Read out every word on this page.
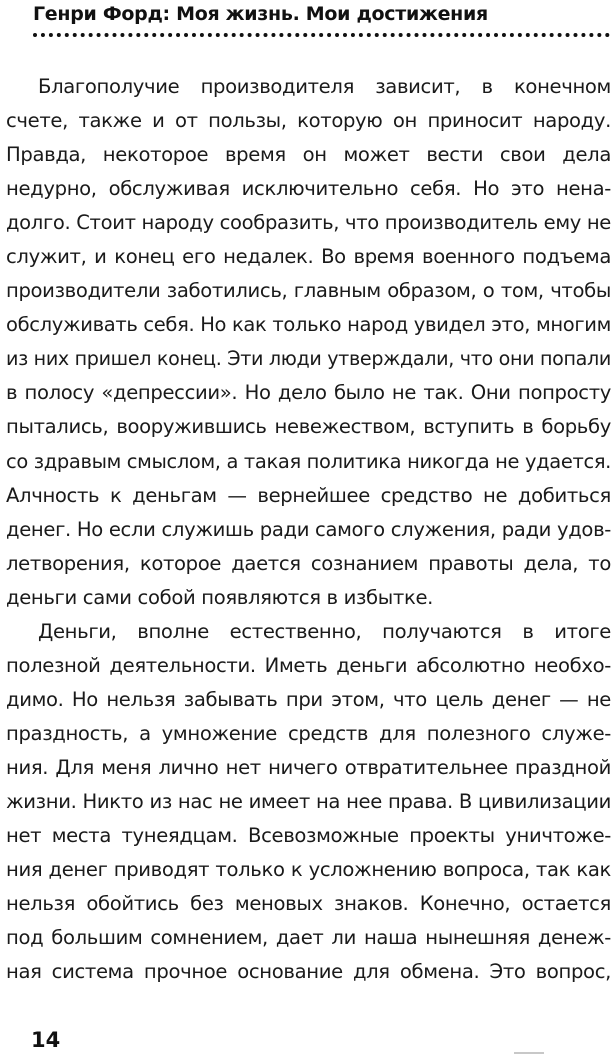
Генри Форд: Моя жизнь. Мои достижения
Благополучие производителя зависит, в конечном
счете, также и от пользы, которую он приносит народу.
Правда, некоторое время он может вести свои дела
недурно, обслуживая исключительно себя. Но это нена-
долго. Стоит народу сообразить, что производитель ему не
служит, и конец его недалек. Во время военного подъема
производители заботились, главным образом, о том, чтобы
обслуживать себя. Но как только народ увидел это, многим
из них пришел конец. Эти люди утверждали, что они попали
в полосу «депрессии». Но дело было не так. Они попросту
пытались, вооружившись невежеством, вступить в борьбу
со здравым смыслом, а такая политика никогда не удается.
Алчность к деньгам — вернейшее средство не добиться
денег. Но если служишь ради самого служения, ради удов-
летворения, которое дается сознанием правоты дела, то
деньги сами собой появляются в избытке.
Деньги, вполне естественно, получаются в итоге
полезной деятельности. Иметь деньги абсолютно необхо-
димо. Но нельзя забывать при этом, что цель денег — не
праздность, а умножение средств для полезного служе-
ния. Для меня лично нет ничего отвратительнее праздной
жизни. Никто из нас не имеет на нее права. В цивилизации
нет места тунеядцам. Всевозможные проекты уничтоже-
ния денег приводят только к усложнению вопроса, так как
нельзя обойтись без меновых знаков. Конечно, остается
под большим сомнением, дает ли наша нынешняя денеж-
ная система прочное основание для обмена. Это вопрос,
14
